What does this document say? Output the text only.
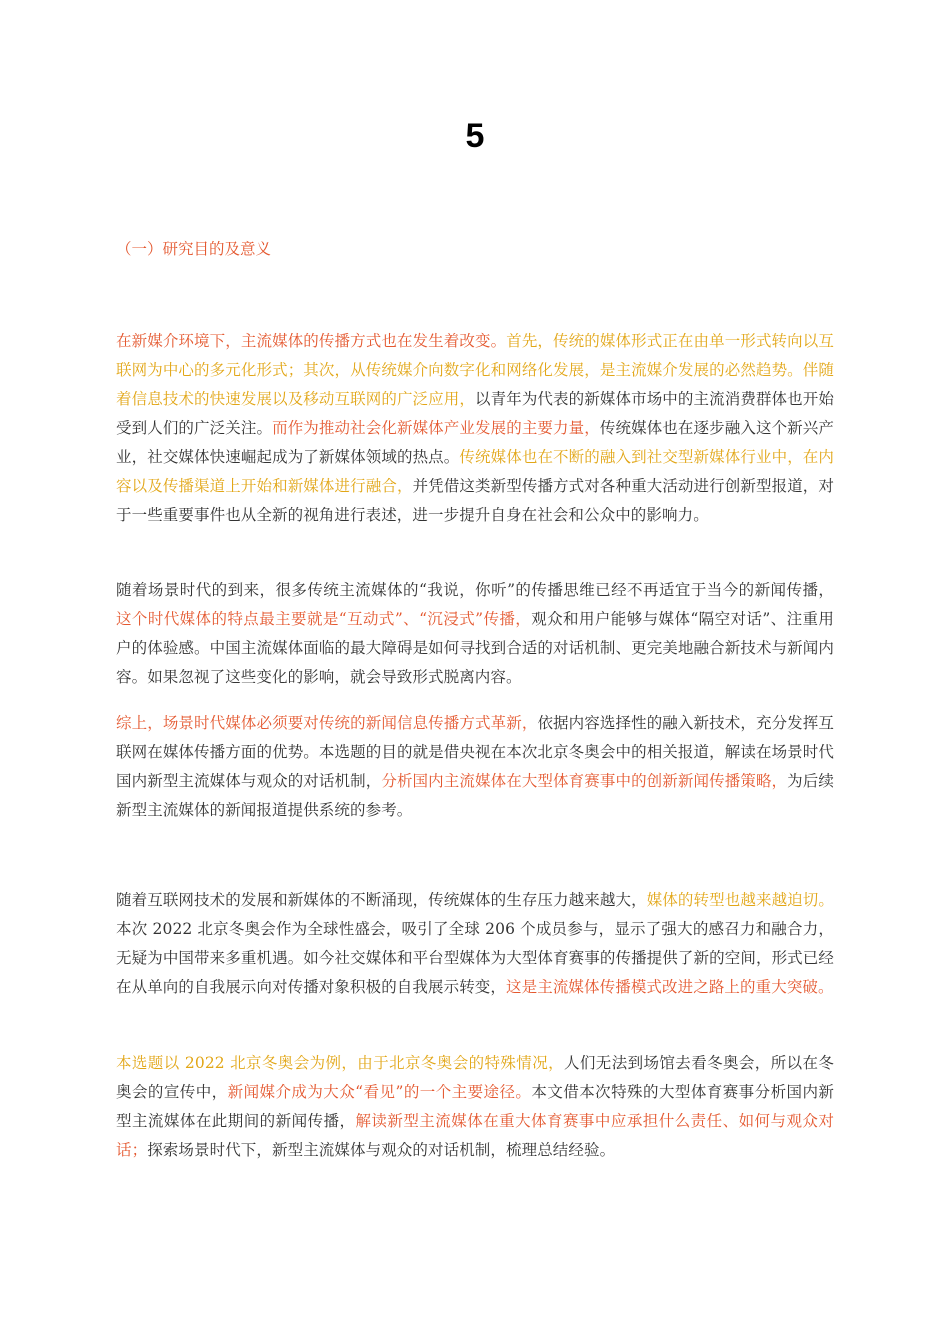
5
（一）研究目的及意义

在新媒介环境下，主流媒体的传播方式也在发生着改变。首先，传统的媒体形式正在由单一形式转向以互联网为中心的多元化形式；其次，从传统媒介向数字化和网络化发展，是主流媒介发展的必然趋势。伴随着信息技术的快速发展以及移动互联网的广泛应用，以青年为代表的新媒体市场中的主流消费群体也开始受到人们的广泛关注。而作为推动社会化新媒体产业发展的主要力量，传统媒体也在逐步融入这个新兴产业，社交媒体快速崛起成为了新媒体领域的热点。传统媒体也在不断的融入到社交型新媒体行业中，在内容以及传播渠道上开始和新媒体进行融合，并凭借这类新型传播方式对各种重大活动进行创新型报道，对于一些重要事件也从全新的视角进行表述，进一步提升自身在社会和公众中的影响力。

随着场景时代的到来，很多传统主流媒体的“我说，你听”的传播思维已经不再适宜于当今的新闻传播，这个时代媒体的特点最主要就是“互动式”、“沉浸式”传播，观众和用户能够与媒体“隔空对话”、注重用户的体验感。中国主流媒体面临的最大障碍是如何寻找到合适的对话机制、更完美地融合新技术与新闻内容。如果忽视了这些变化的影响，就会导致形式脱离内容。

综上，场景时代媒体必须要对传统的新闻信息传播方式革新，依据内容选择性的融入新技术，充分发挥互联网在媒体传播方面的优势。本选题的目的就是借央视在本次北京冬奥会中的相关报道，解读在场景时代国内新型主流媒体与观众的对话机制，分析国内主流媒体在大型体育赛事中的创新新闻传播策略，为后续新型主流媒体的新闻报道提供系统的参考。

随着互联网技术的发展和新媒体的不断涌现，传统媒体的生存压力越来越大，媒体的转型也越来越迫切。本次 2022 北京冬奥会作为全球性盛会，吸引了全球 206 个成员参与，显示了强大的感召力和融合力，无疑为中国带来多重机遇。如今社交媒体和平台型媒体为大型体育赛事的传播提供了新的空间，形式已经在从单向的自我展示向对传播对象积极的自我展示转变，这是主流媒体传播模式改进之路上的重大突破。

本选题以 2022 北京冬奥会为例，由于北京冬奥会的特殊情况，人们无法到场馆去看冬奥会，所以在冬奥会的宣传中，新闻媒介成为大众“看见”的一个主要途径。本文借本次特殊的大型体育赛事分析国内新型主流媒体在此期间的新闻传播，解读新型主流媒体在重大体育赛事中应承担什么责任、如何与观众对话；探索场景时代下，新型主流媒体与观众的对话机制，梳理总结经验。
